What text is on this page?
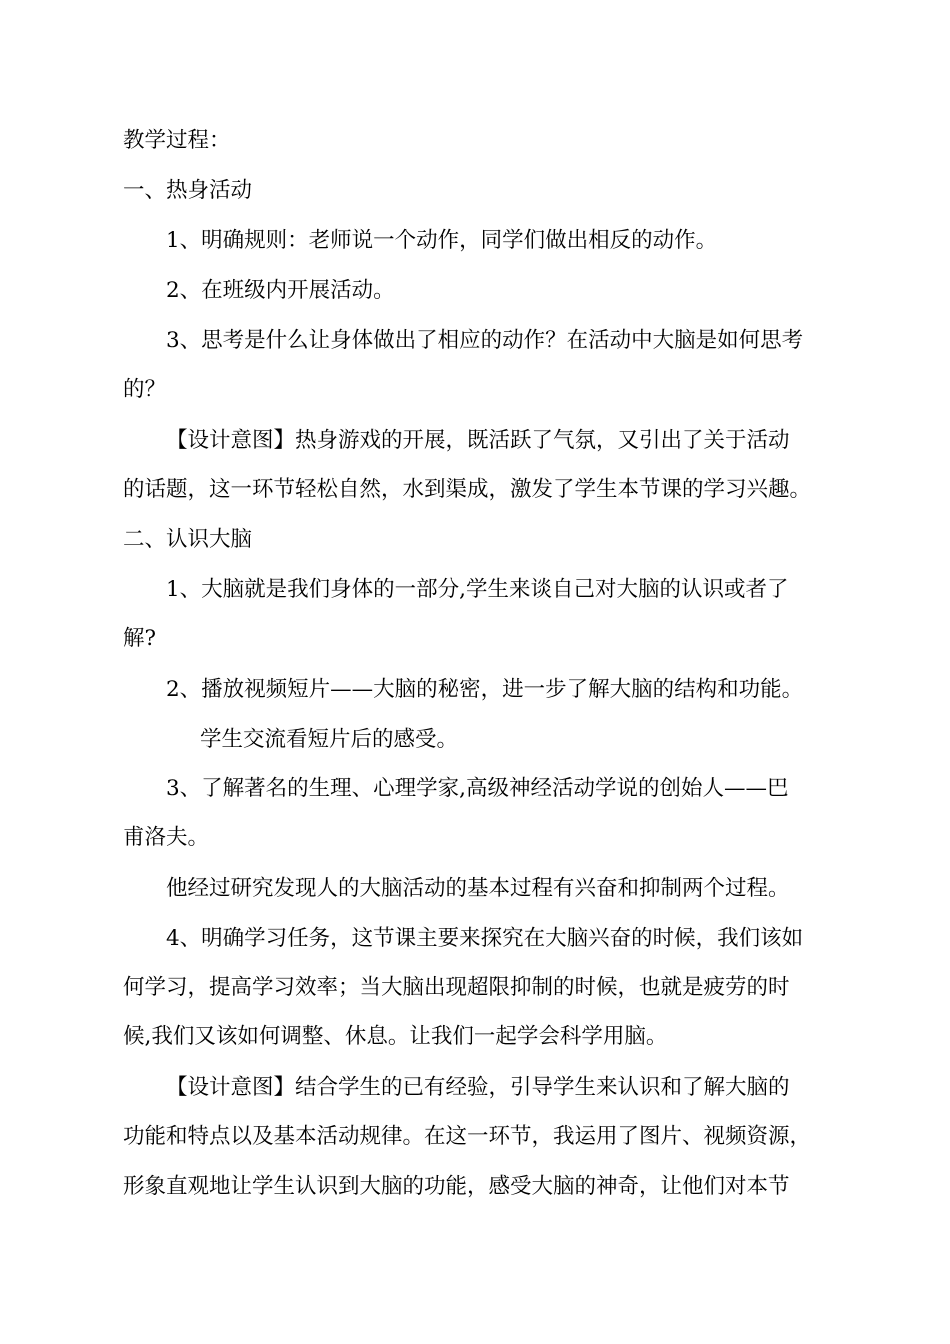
教学过程：

一、热身活动

1、明确规则：老师说一个动作，同学们做出相反的动作。

2、在班级内开展活动。

3、思考是什么让身体做出了相应的动作？在活动中大脑是如何思考

的？

【设计意图】热身游戏的开展，既活跃了气氛，又引出了关于活动

的话题，这一环节轻松自然，水到渠成，激发了学生本节课的学习兴趣。

二、认识大脑

1、大脑就是我们身体的一部分,学生来谈自己对大脑的认识或者了

解?

2、播放视频短片——大脑的秘密，进一步了解大脑的结构和功能。

学生交流看短片后的感受。

3、了解著名的生理、心理学家,高级神经活动学说的创始人——巴

甫洛夫。

他经过研究发现人的大脑活动的基本过程有兴奋和抑制两个过程。

4、明确学习任务，这节课主要来探究在大脑兴奋的时候，我们该如

何学习，提高学习效率；当大脑出现超限抑制的时候，也就是疲劳的时

候,我们又该如何调整、休息。让我们一起学会科学用脑。

【设计意图】结合学生的已有经验，引导学生来认识和了解大脑的

功能和特点以及基本活动规律。在这一环节，我运用了图片、视频资源，

形象直观地让学生认识到大脑的功能，感受大脑的神奇，让他们对本节
